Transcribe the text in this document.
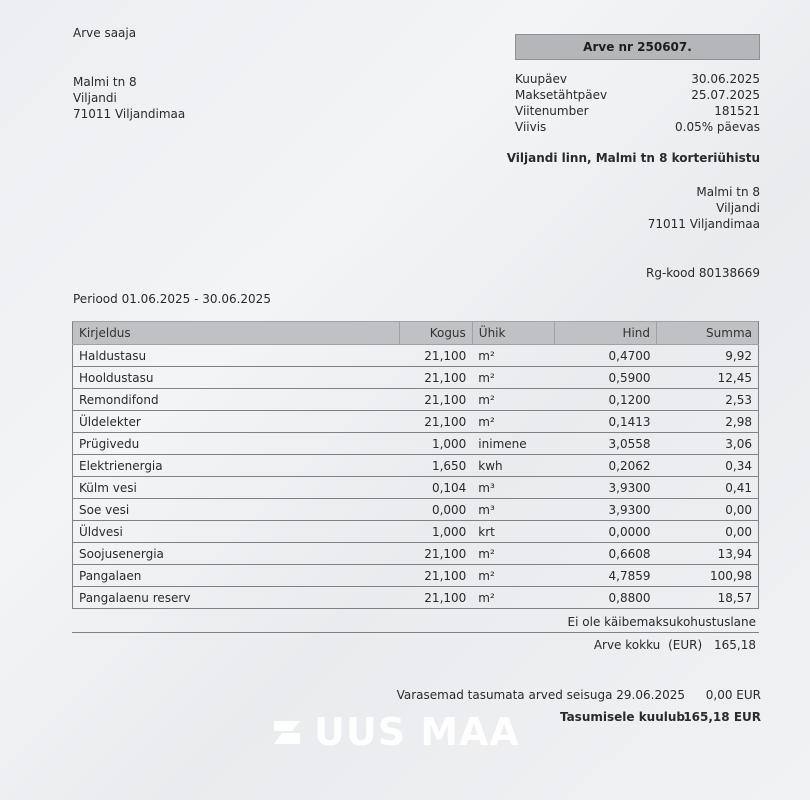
Arve saaja
Malmi tn 8
Viljandi
71011 Viljandimaa
Arve nr 250607.
Kuupäev	30.06.2025
Maksetähtpäev	25.07.2025
Viitenumber	181521
Viivis	0.05% päevas
Viljandi linn, Malmi tn 8 korteriühistu
Malmi tn 8
Viljandi
71011 Viljandimaa
Rg-kood 80138669
Periood 01.06.2025 - 30.06.2025
Kirjeldus	Kogus	Ühik	Hind	Summa
Haldustasu	21,100	m²	0,4700	9,92
Hooldustasu	21,100	m²	0,5900	12,45
Remondifond	21,100	m²	0,1200	2,53
Üldelekter	21,100	m²	0,1413	2,98
Prügivedu	1,000	inimene	3,0558	3,06
Elektrienergia	1,650	kwh	0,2062	0,34
Külm vesi	0,104	m³	3,9300	0,41
Soe vesi	0,000	m³	3,9300	0,00
Üldvesi	1,000	krt	0,0000	0,00
Soojusenergia	21,100	m²	0,6608	13,94
Pangalaen	21,100	m²	4,7859	100,98
Pangalaenu reserv	21,100	m²	0,8800	18,57
Ei ole käibemaksukohustuslane
Arve kokku (EUR) 165,18
Varasemad tasumata arved seisuga 29.06.2025 0,00 EUR
Tasumisele kuulub
165,18 EUR
UUS MAA
